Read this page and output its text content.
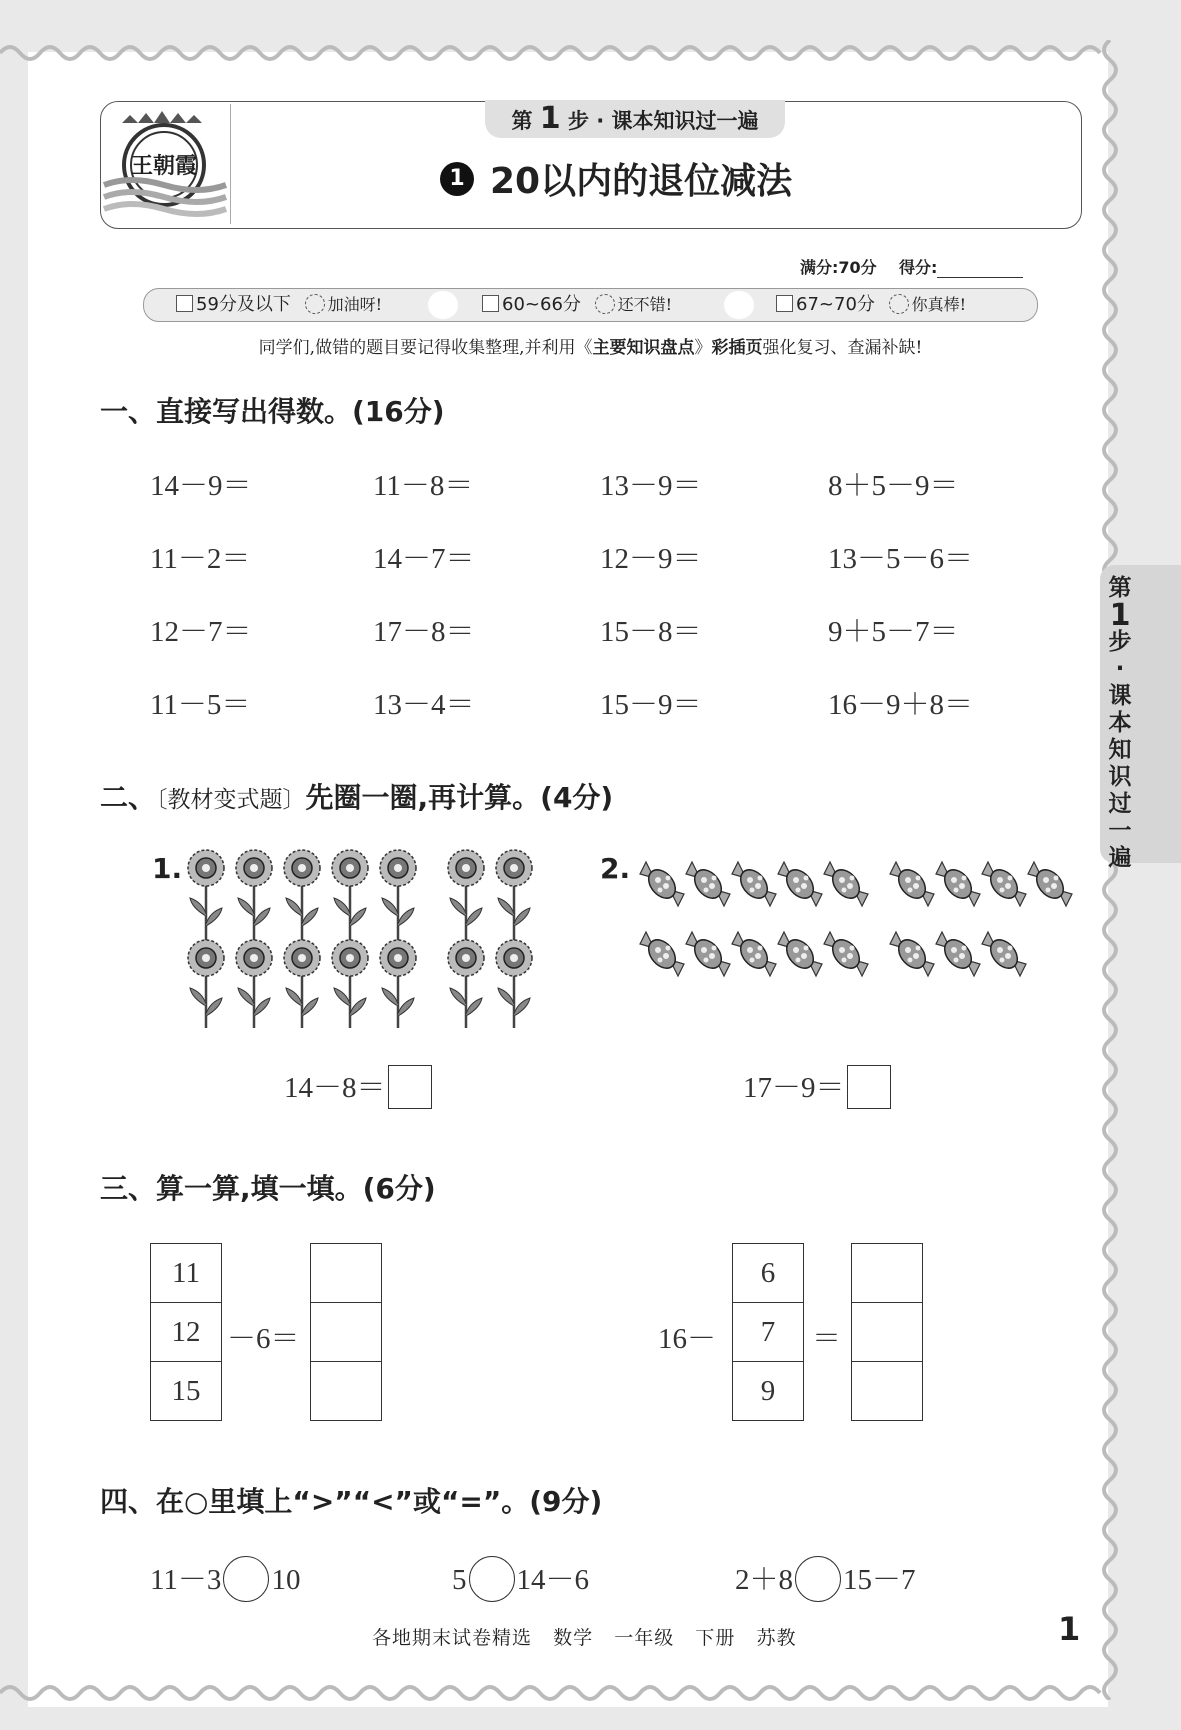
王朝霞
第 1 步 · 课本知识过一遍
1 20以内的退位减法
满分:70分 得分:
59分及以下 加油呀!	60~66分 还不错!	67~70分 你真棒!
同学们,做错的题目要记得收集整理,并利用《主要知识盘点》彩插页强化复习、查漏补缺!
一、直接写出得数。(16分)
14－9＝	11－8＝	13－9＝	8＋5－9＝
11－2＝	14－7＝	12－9＝	13－5－6＝
12－7＝	17－8＝	15－8＝	9＋5－7＝
11－5＝	13－4＝	15－9＝	16－9＋8＝
第
1
步
·
课
本
知
识
过
一
遍
二、〔教材变式题〕先圈一圈,再计算。(4分)
1.
14－8＝
2.
17－9＝
三、算一算,填一填。(6分)
11
12
15
－6＝	16－
6
7
9
＝

四、在○里填上“>”“<”或“=”。(9分)
11－3 10	5 14－6	2＋8 15－7
各地期末试卷精选   数学   一年级   下册   苏教	1
